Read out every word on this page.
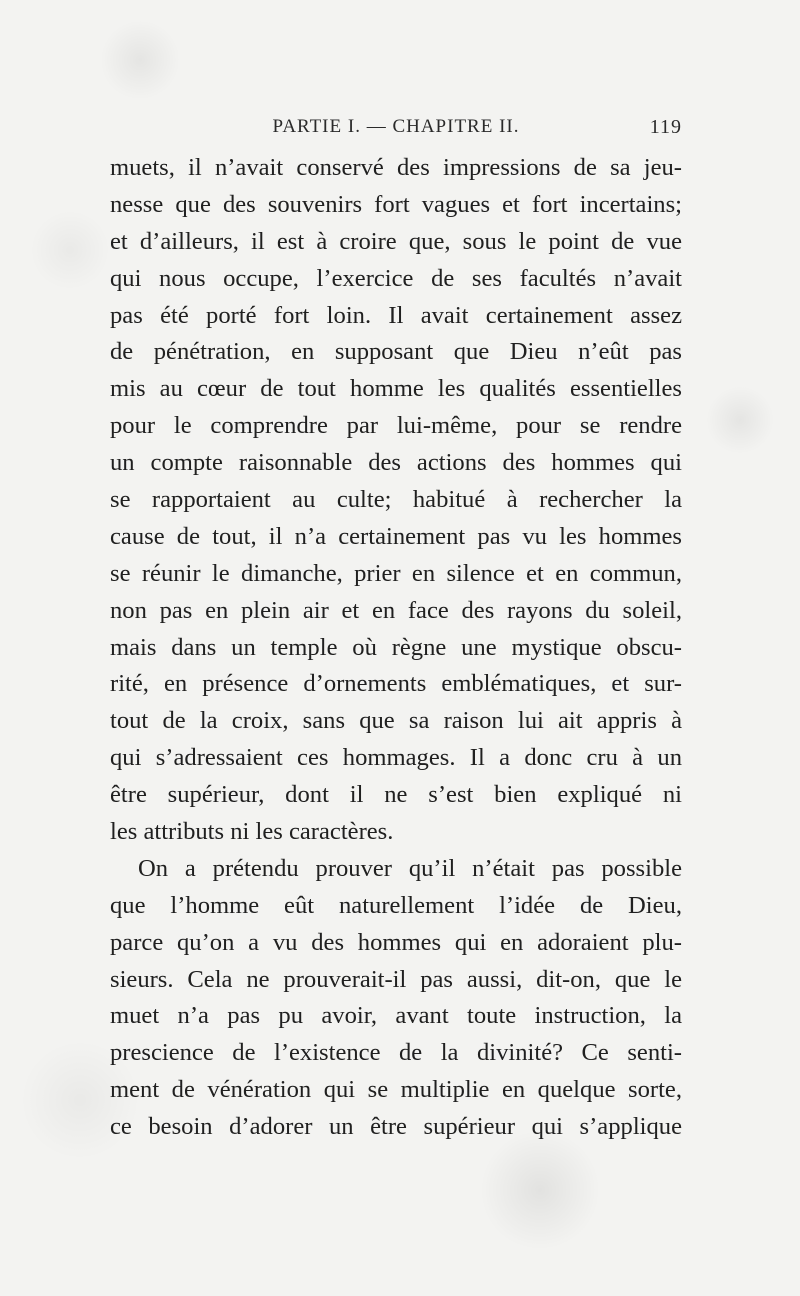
PARTIE I. — CHAPITRE II.	119
muets, il n’avait conservé des impressions de sa jeu-
nesse que des souvenirs fort vagues et fort incertains;
et d’ailleurs, il est à croire que, sous le point de vue
qui nous occupe, l’exercice de ses facultés n’avait
pas été porté fort loin. Il avait certainement assez
de pénétration, en supposant que Dieu n’eût pas
mis au cœur de tout homme les qualités essentielles
pour le comprendre par lui-même, pour se rendre
un compte raisonnable des actions des hommes qui
se rapportaient au culte; habitué à rechercher la
cause de tout, il n’a certainement pas vu les hommes
se réunir le dimanche, prier en silence et en commun,
non pas en plein air et en face des rayons du soleil,
mais dans un temple où règne une mystique obscu-
rité, en présence d’ornements emblématiques, et sur-
tout de la croix, sans que sa raison lui ait appris à
qui s’adressaient ces hommages. Il a donc cru à un
être supérieur, dont il ne s’est bien expliqué ni
les attributs ni les caractères.
On a prétendu prouver qu’il n’était pas possible
que l’homme eût naturellement l’idée de Dieu,
parce qu’on a vu des hommes qui en adoraient plu-
sieurs. Cela ne prouverait-il pas aussi, dit-on, que le
muet n’a pas pu avoir, avant toute instruction, la
prescience de l’existence de la divinité? Ce senti-
ment de vénération qui se multiplie en quelque sorte,
ce besoin d’adorer un être supérieur qui s’applique
